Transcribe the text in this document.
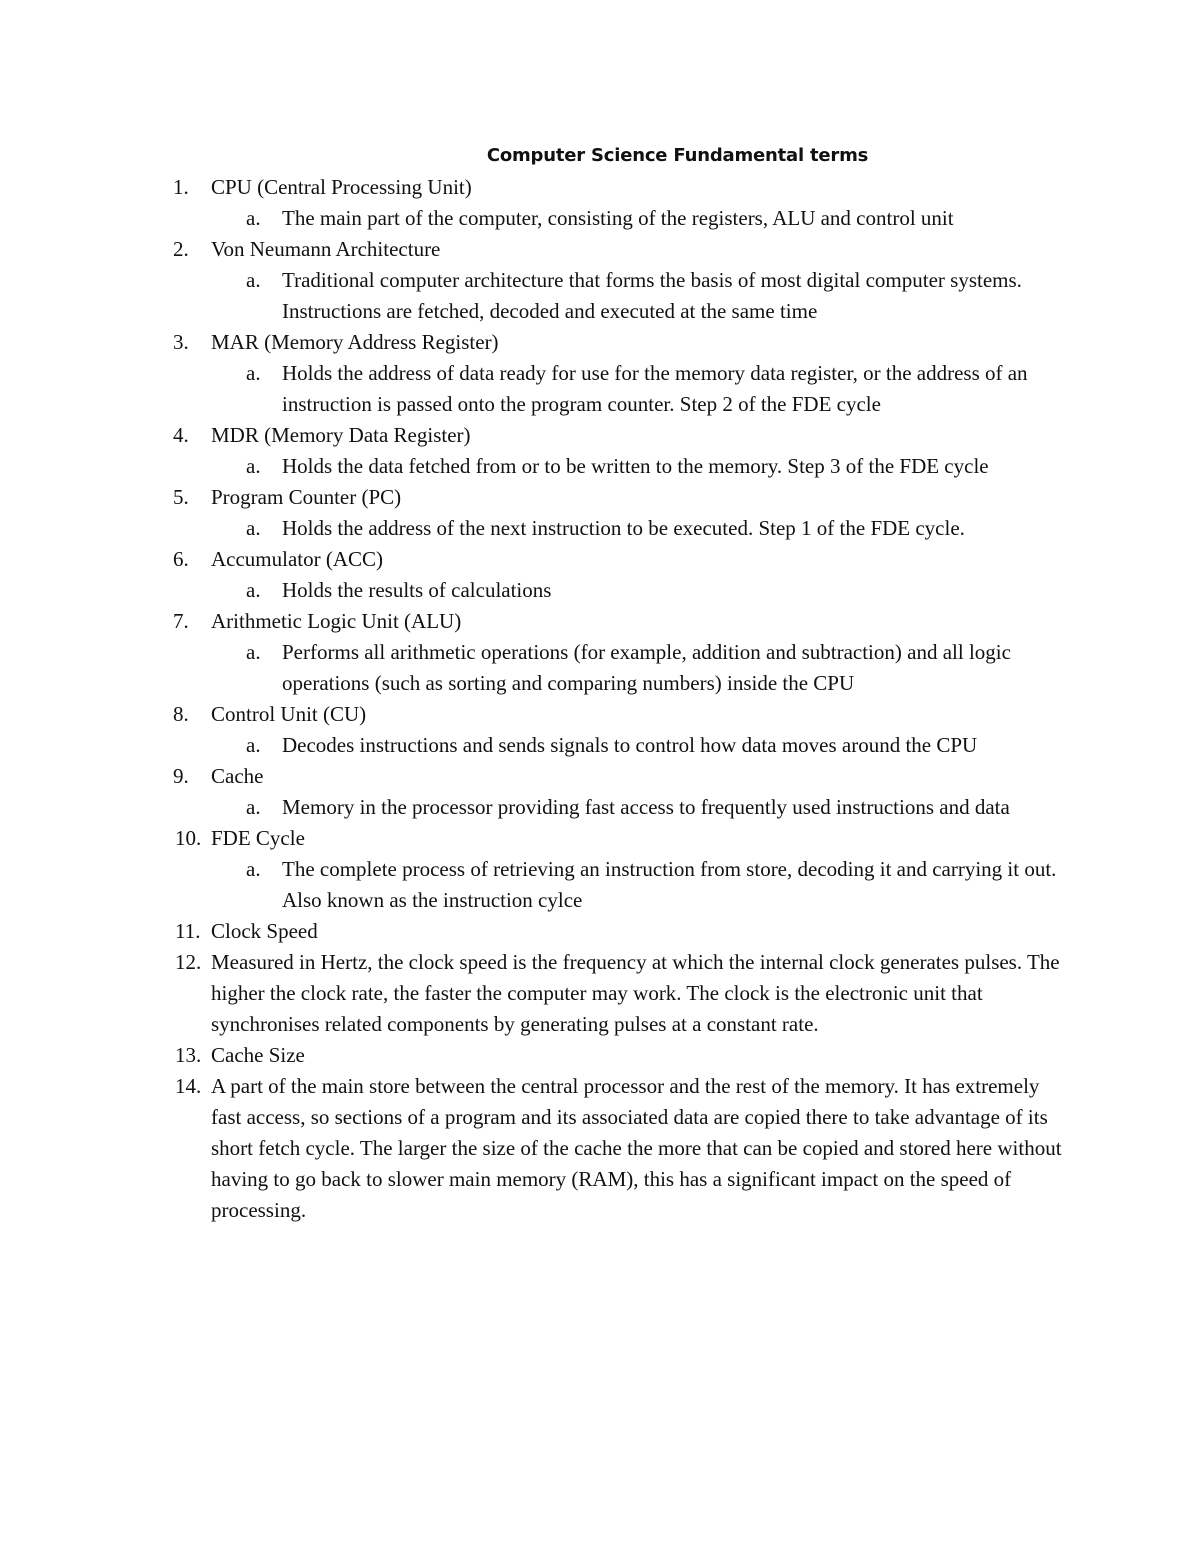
Computer Science Fundamental terms
1.	CPU (Central Processing Unit)
a. The main part of the computer, consisting of the registers, ALU and control unit
2.	Von Neumann Architecture
a. Traditional computer architecture that forms the basis of most digital computer systems. Instructions are fetched, decoded and executed at the same time
3.	MAR (Memory Address Register)
a. Holds the address of data ready for use for the memory data register, or the address of an instruction is passed onto the program counter. Step 2 of the FDE cycle
4.	MDR (Memory Data Register)
a. Holds the data fetched from or to be written to the memory. Step 3 of the FDE cycle
5.	Program Counter (PC)
a. Holds the address of the next instruction to be executed. Step 1 of the FDE cycle.
6.	Accumulator (ACC)
a. Holds the results of calculations
7.	Arithmetic Logic Unit (ALU)
a. Performs all arithmetic operations (for example, addition and subtraction) and all logic operations (such as sorting and comparing numbers) inside the CPU
8.	Control Unit (CU)
a. Decodes instructions and sends signals to control how data moves around the CPU
9.	Cache
a. Memory in the processor providing fast access to frequently used instructions and data
10. FDE Cycle
a. The complete process of retrieving an instruction from store, decoding it and carrying it out. Also known as the instruction cylce
11. Clock Speed
12. Measured in Hertz, the clock speed is the frequency at which the internal clock generates pulses. The higher the clock rate, the faster the computer may work. The clock is the electronic unit that synchronises related components by generating pulses at a constant rate.
13. Cache Size
14. A part of the main store between the central processor and the rest of the memory. It has extremely fast access, so sections of a program and its associated data are copied there to take advantage of its short fetch cycle. The larger the size of the cache the more that can be copied and stored here without having to go back to slower main memory (RAM), this has a significant impact on the speed of processing.
